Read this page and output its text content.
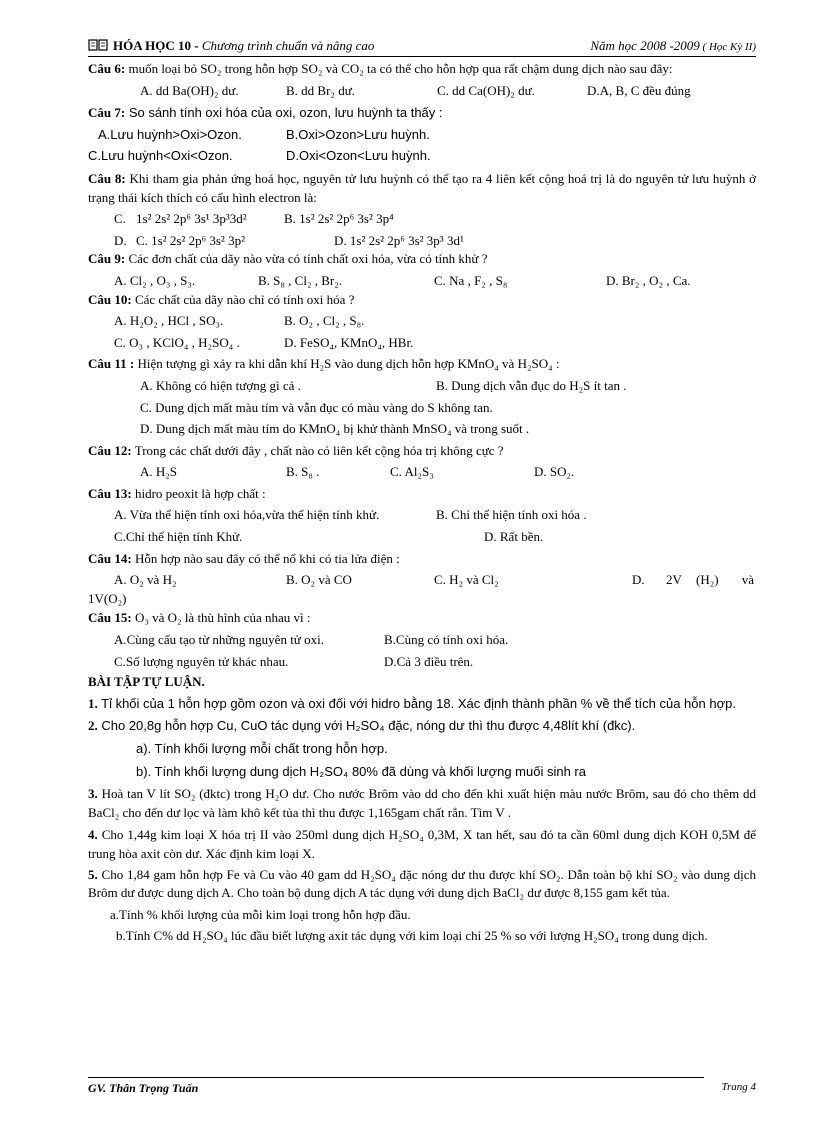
HÓA HỌC 10 - Chương trình chuẩn và nâng cao	Năm học 2008 -2009 ( Học Kỳ II)
Câu 6: muốn loại bỏ SO₂ trong hỗn hợp SO₂ và CO₂ ta có thể cho hỗn hợp qua rất chậm dung dịch nào sau đây:
A. dd Ba(OH)₂ dư.	B. dd Br₂ dư.	C. dd Ca(OH)₂ dư.	D.A, B, C đều đúng
Câu 7: So sánh tính oxi hóa của oxi, ozon, lưu huỳnh ta thấy :
A.Lưu huỳnh>Oxi>Ozon.	B.Oxi>Ozon>Lưu huỳnh.
C.Lưu huỳnh<Oxi<Ozon.	D.Oxi<Ozon<Lưu huỳnh.
Câu 8: Khi tham gia phản ứng hoá học, nguyên tử lưu huỳnh có thể tạo ra 4 liên kết cộng hoá trị là do nguyên tử lưu huỳnh ở trạng thái kích thích có cấu hình electron là:
C. 1s² 2s² 2p⁶ 3s¹ 3p³3d²	B. 1s² 2s² 2p⁶ 3s² 3p⁴
D. C. 1s² 2s² 2p⁶ 3s² 3p²	D. 1s² 2s² 2p⁶ 3s² 3p³ 3d¹
Câu 9: Các đơn chất của dãy nào vừa có tính chất oxi hóa, vừa có tính khử ?
A. Cl₂ , O₃ , S₃.	B. S₈ , Cl₂ , Br₂.	C. Na , F₂ , S₈	D. Br₂ , O₂ , Ca.
Câu 10: Các chất của dãy nào chỉ có tính oxi hóa ?
A. H₂O₂ , HCl , SO₃.	B. O₂ , Cl₂ , S₈.
C. O₃ , KClO₄ , H₂SO₄ .	D. FeSO₄, KMnO₄, HBr.
Câu 11 : Hiện tượng gì xảy ra khi dẫn khí H₂S vào dung dịch hỗn hợp KMnO₄ và H₂SO₄ :
A. Không có hiện tượng gì cả .	B. Dung dịch vẫn đục do H₂S ít tan .
C. Dung dịch mất màu tím và vẫn đục có màu vàng do S không tan.
D. Dung dịch mất màu tím do KMnO₄ bị khử thành MnSO₄ và trong suốt .
Câu 12: Trong các chất dưới đây , chất nào có liên kết cộng hóa trị không cực ?
A. H₂S	B. S₈ .	C. Al₂S₃	D. SO₂.
Câu 13: hidro peoxit là hợp chất :
A. Vừa thể hiện tính oxi hóa,vừa thể hiện tính khử.	B. Chỉ thể hiện tính oxi hóa .
C.Chỉ thể hiện tính Khử.	D. Rất bền.
Câu 14: Hỗn hợp nào sau đây có thể nổ khi có tia lửa điện :
A. O₂ và H₂	B. O₂ và CO	C. H₂ và Cl₂	D. 2V (H₂) và
1V(O₂)
Câu 15: O₃ và O₂ là thù hình của nhau vì :
A.Cùng cấu tạo từ những nguyên tử oxi.	B.Cùng có tính oxi hóa.
C.Số lượng nguyên tử khác nhau.	D.Cả 3 điều trên.
BÀI TẬP TỰ LUẬN.
1. Tỉ khối của 1 hỗn hợp gồm ozon và oxi đối với hidro bằng 18. Xác định thành phần % về thể tích của hỗn hợp.
2. Cho 20,8g hỗn hợp Cu, CuO tác dụng với H₂SO₄ đặc, nóng dư thì thu được 4,48lít khí (đkc).
a). Tính khối lượng mỗi chất trong hỗn hợp.
b). Tính khối lượng dung dịch H₂SO₄ 80% đã dùng và khối lượng muối sinh ra
3. Hoà tan V lít SO₂ (đktc) trong H₂O dư. Cho nước Brôm vào dd cho đến khi xuất hiện màu nước Brôm, sau đó cho thêm dd BaCl₂ cho đến dư lọc và làm khô kết tủa thì thu được 1,165gam chất rắn. Tìm V .
4. Cho 1,44g kim loại X hóa trị II vào 250ml dung dịch H₂SO₄ 0,3M, X tan hết, sau đó ta cần 60ml dung dịch KOH 0,5M để trung hòa axit còn dư. Xác định kim loại X.
5. Cho 1,84 gam hỗn hợp Fe và Cu vào 40 gam dd H₂SO₄ đặc nóng dư thu được khí SO₂. Dẫn toàn bộ khí SO₂ vào dung dịch Brôm dư được dung dịch A. Cho toàn bộ dung dịch A tác dụng với dung dịch BaCl₂ dư được 8,155 gam kết tủa.
a.Tính % khối lượng của mỗi kim loại trong hỗn hợp đầu.
b.Tính C% dd H₂SO₄ lúc đầu biết lượng axit tác dụng với kim loại chỉ 25 % so với lượng H₂SO₄ trong dung dịch.
GV. Thân Trọng Tuấn	Trang 4
